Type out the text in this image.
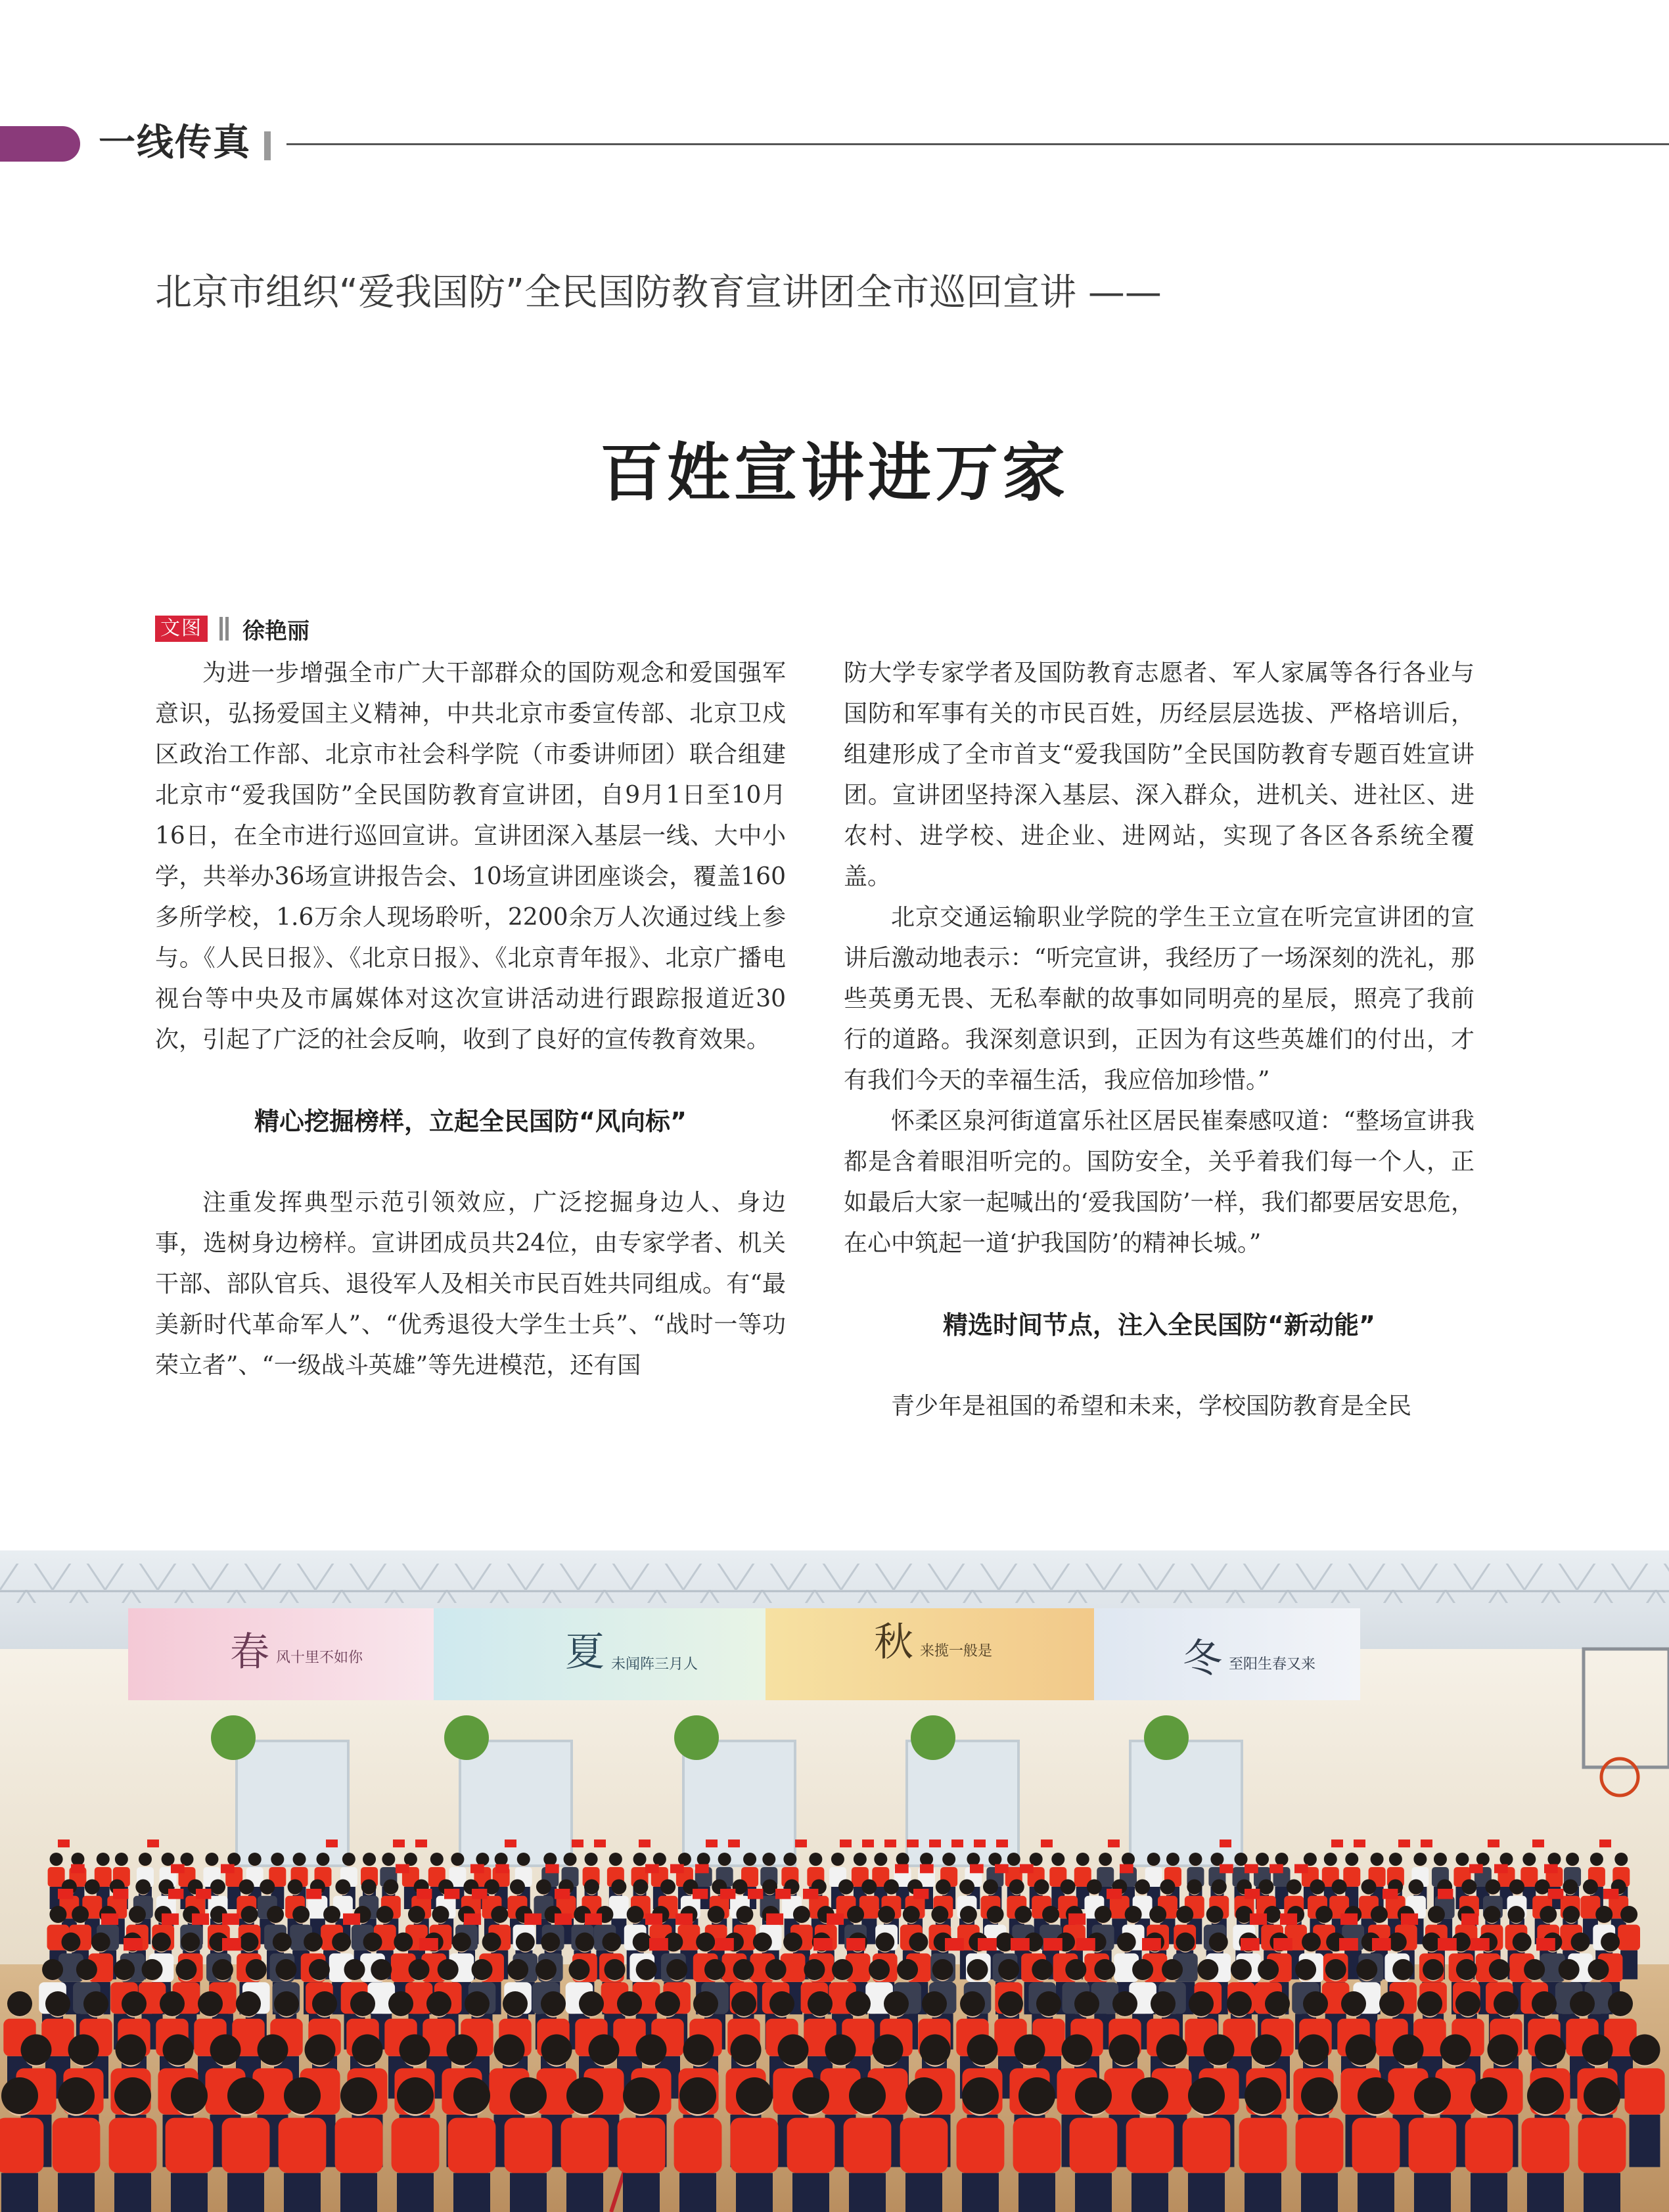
一线传真
北京市组织“爱我国防”全民国防教育宣讲团全市巡回宣讲 ——
百姓宣讲进万家
文图 徐艳丽

为进一步增强全市广大干部群众的国防观念和爱国强军意识，弘扬爱国主义精神，中共北京市委宣传部、北京卫戍区政治工作部、北京市社会科学院（市委讲师团）联合组建北京市“爱我国防”全民国防教育宣讲团，自9月1日至10月16日，在全市进行巡回宣讲。宣讲团深入基层一线、大中小学，共举办36场宣讲报告会、10场宣讲团座谈会，覆盖160多所学校，1.6万余人现场聆听，2200余万人次通过线上参与。《人民日报》、《北京日报》、《北京青年报》、北京广播电视台等中央及市属媒体对这次宣讲活动进行跟踪报道近30次，引起了广泛的社会反响，收到了良好的宣传教育效果。

精心挖掘榜样，立起全民国防“风向标”

注重发挥典型示范引领效应，广泛挖掘身边人、身边事，选树身边榜样。宣讲团成员共24位，由专家学者、机关干部、部队官兵、退役军人及相关市民百姓共同组成。有“最美新时代革命军人”、“优秀退役大学生士兵”、“战时一等功荣立者”、“一级战斗英雄”等先进模范，还有国

防大学专家学者及国防教育志愿者、军人家属等各行各业与国防和军事有关的市民百姓，历经层层选拔、严格培训后，组建形成了全市首支“爱我国防”全民国防教育专题百姓宣讲团。宣讲团坚持深入基层、深入群众，进机关、进社区、进农村、进学校、进企业、进网站，实现了各区各系统全覆盖。

北京交通运输职业学院的学生王立宣在听完宣讲团的宣讲后激动地表示：“听完宣讲，我经历了一场深刻的洗礼，那些英勇无畏、无私奉献的故事如同明亮的星辰，照亮了我前行的道路。我深刻意识到，正因为有这些英雄们的付出，才有我们今天的幸福生活，我应倍加珍惜。”

怀柔区泉河街道富乐社区居民崔秦感叹道：“整场宣讲我都是含着眼泪听完的。国防安全，关乎着我们每一个人，正如最后大家一起喊出的‘爱我国防’一样，我们都要居安思危，在心中筑起一道‘护我国防’的精神长城。”

精选时间节点，注入全民国防“新动能”

青少年是祖国的希望和未来，学校国防教育是全民

春 风十里不如你	夏 未闻阵三月人	秋 来揽一般是	冬 至阳生春又来
